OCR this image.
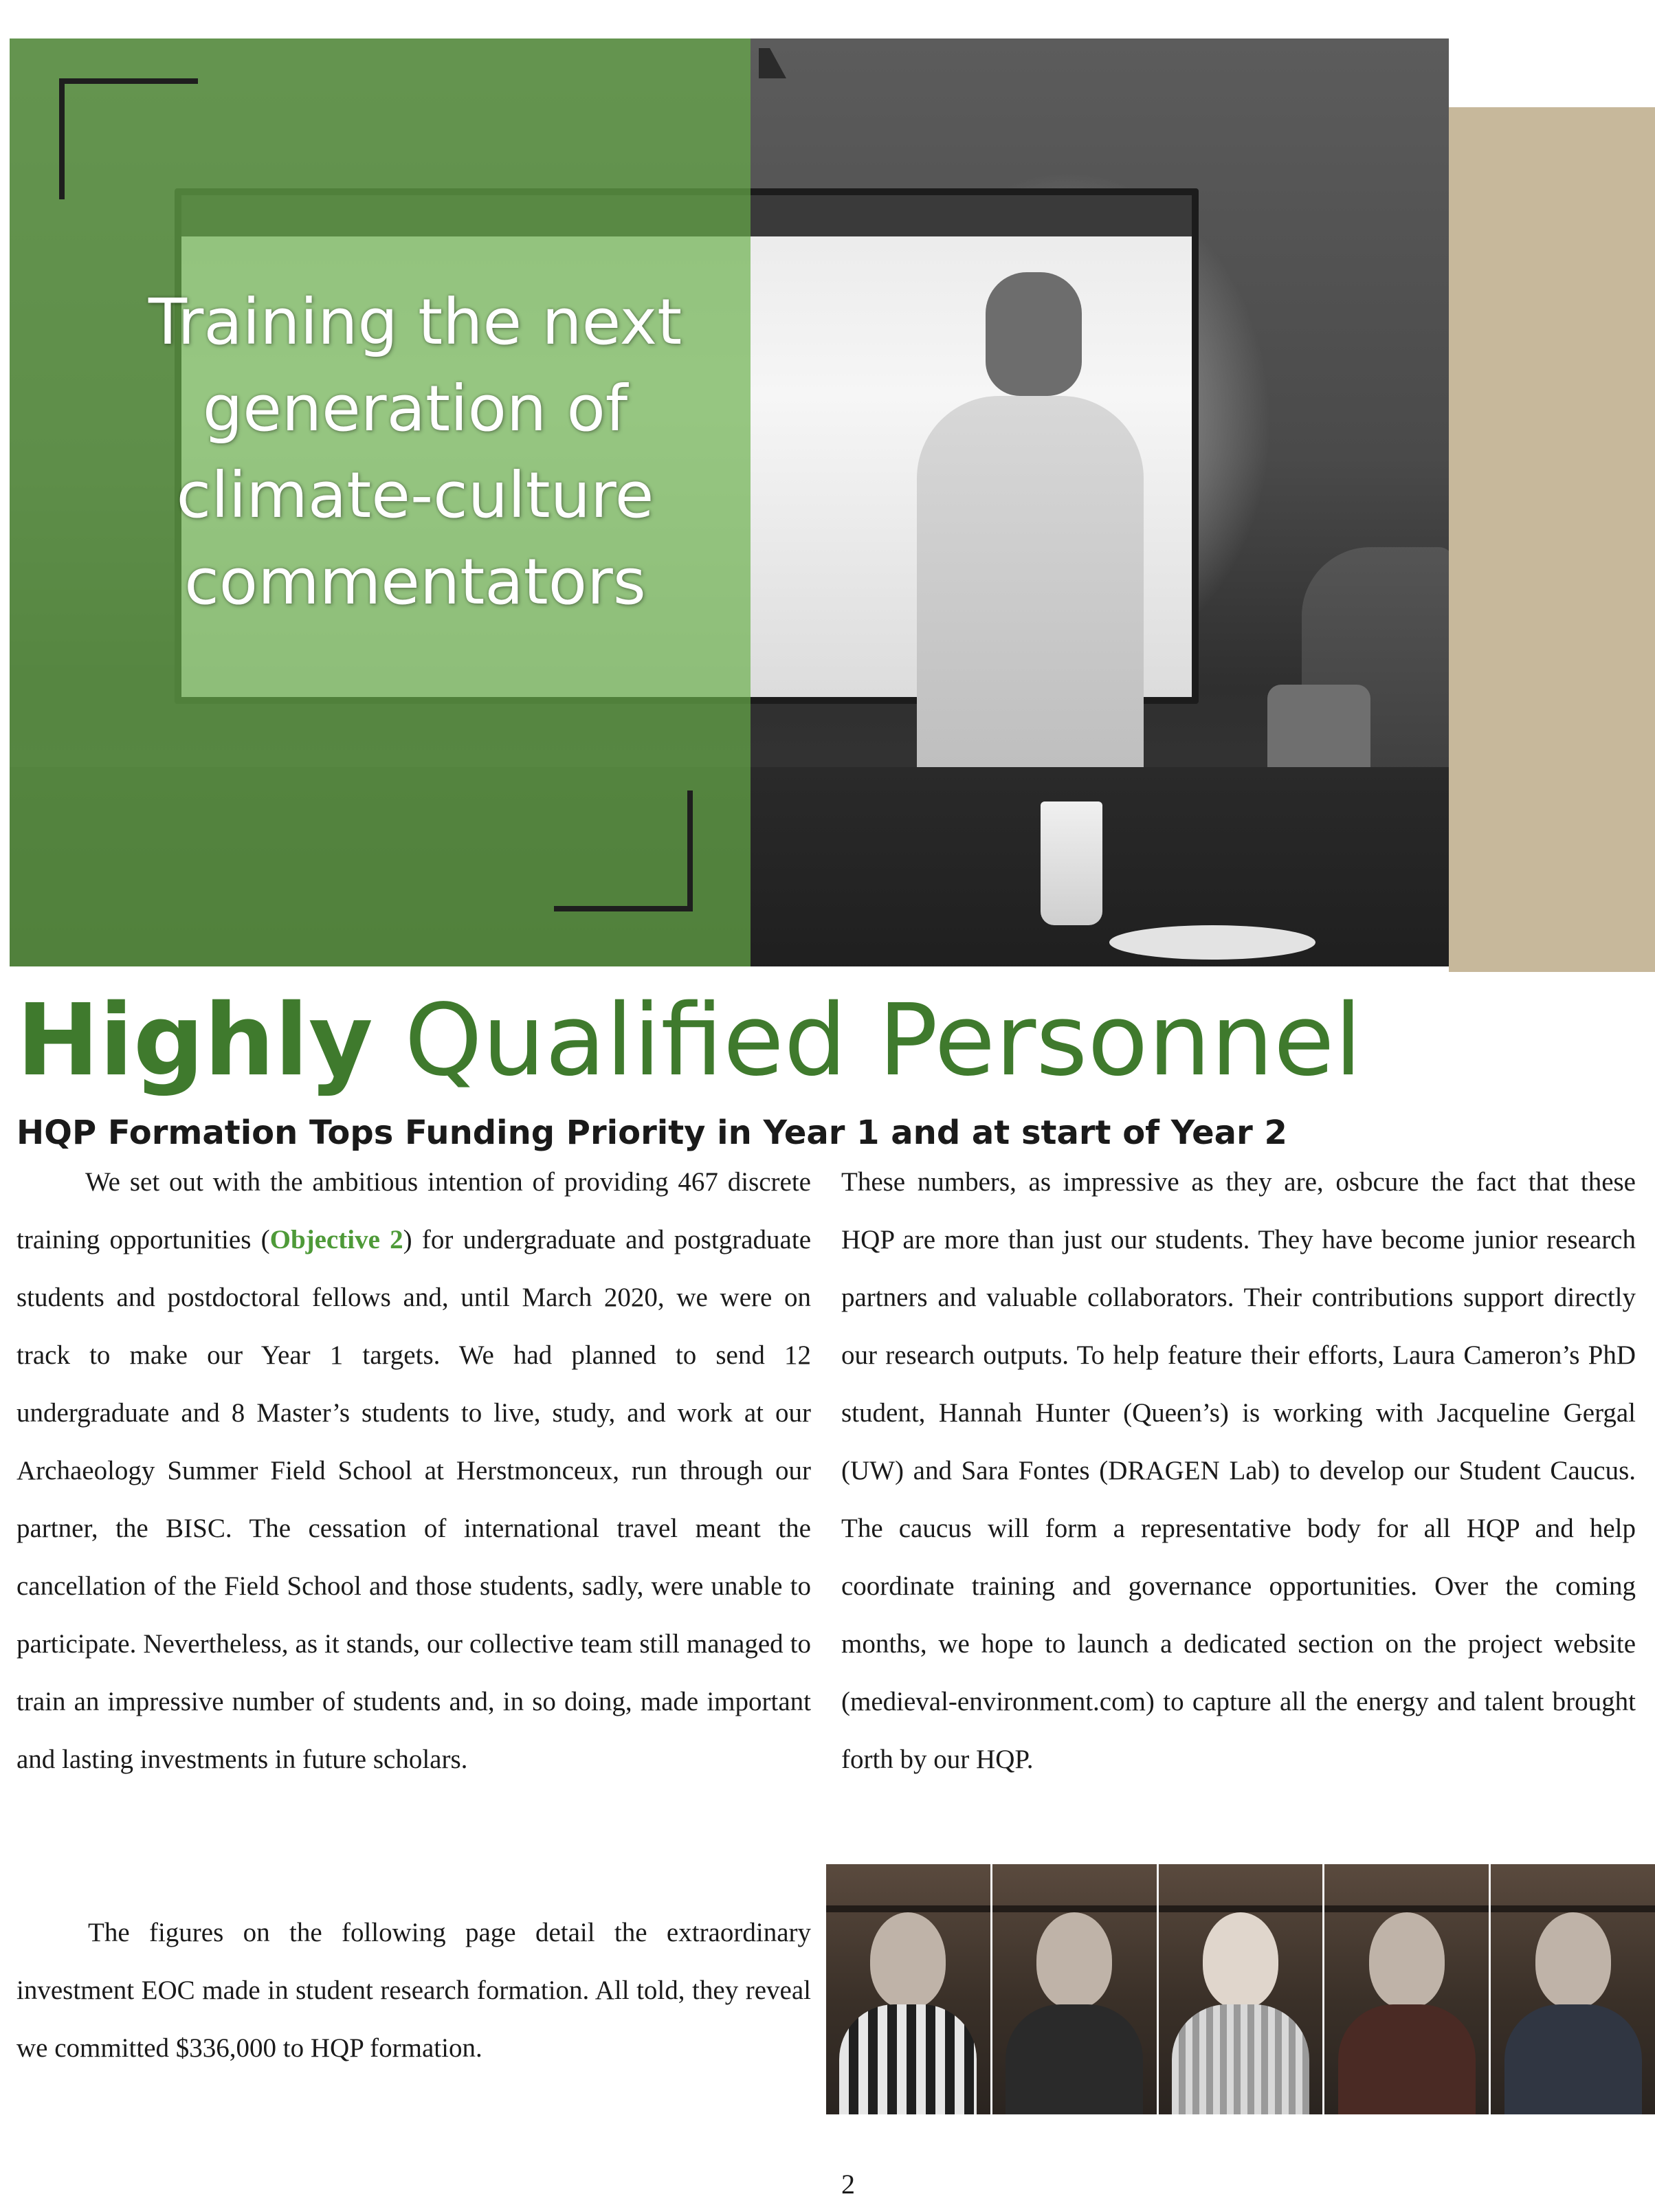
Training the next generation of climate-culture commentators
Highly Qualified Personnel
HQP Formation Tops Funding Priority in Year 1 and at start of Year 2

We set out with the ambitious intention of providing 467 discrete training opportunities (Objective 2) for undergraduate and postgraduate students and postdoctoral fellows and, until March 2020, we were on track to make our Year 1 targets. We had planned to send 12 undergraduate and 8 Master’s students to live, study, and work at our Archaeology Summer Field School at Herstmonceux, run through our partner, the BISC. The cessation of international travel meant the cancellation of the Field School and those students, sadly, were unable to participate. Nevertheless, as it stands, our collective team still managed to train an impressive number of students and, in so doing, made important and lasting investments in future scholars.

The figures on the following page detail the extraordinary investment EOC made in student research formation. All told, they reveal we committed $336,000 to HQP formation.

These numbers, as impressive as they are, osbcure the fact that these HQP are more than just our students. They have become junior research partners and valuable collaborators. Their contributions support directly our research outputs. To help feature their efforts, Laura Cameron’s PhD student, Hannah Hunter (Queen’s) is working with Jacqueline Gergal (UW) and Sara Fontes (DRAGEN Lab) to develop our Student Caucus. The caucus will form a representative body for all HQP and help coordinate training and governance opportunities. Over the coming months, we hope to launch a dedicated section on the project website (medieval-environment.com) to capture all the energy and talent brought forth by our HQP.

2
